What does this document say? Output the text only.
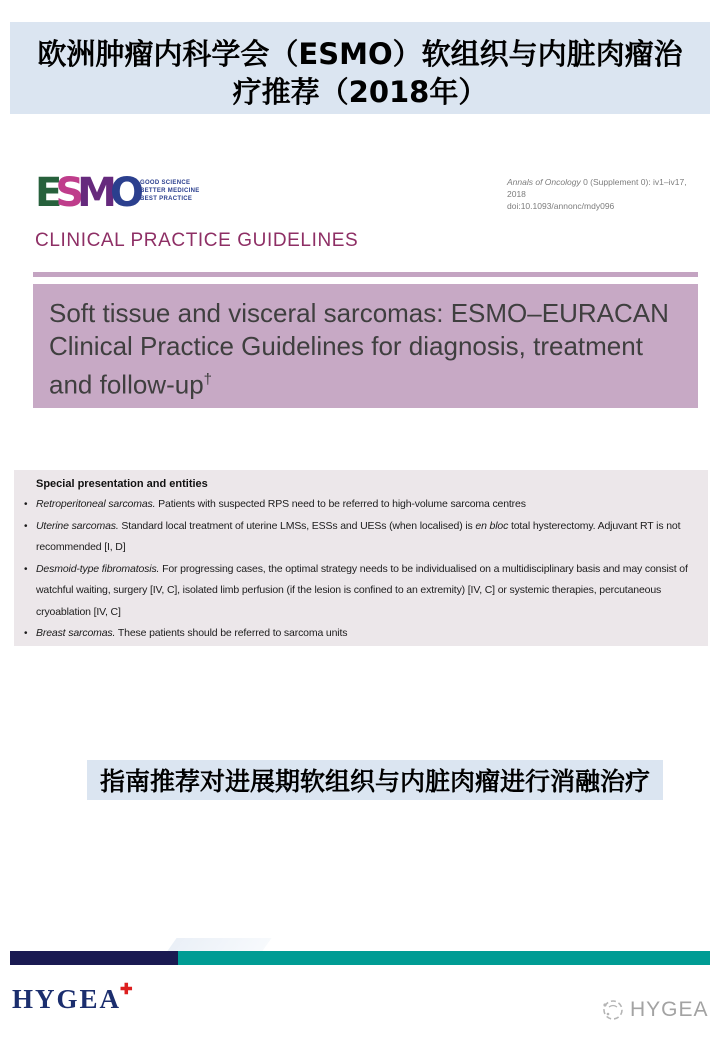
欧洲肿瘤内科学会（ESMO）软组织与内脏肉瘤治
疗推荐（2018年）
ESMO GOOD SCIENCE
BETTER MEDICINE
BEST PRACTICE
Annals of Oncology 0 (Supplement 0): iv1–iv17, 2018
doi:10.1093/annonc/mdy096
CLINICAL PRACTICE GUIDELINES
Soft tissue and visceral sarcomas: ESMO–EURACAN
Clinical Practice Guidelines for diagnosis, treatment
and follow-up†
Special presentation and entities
• Retroperitoneal sarcomas. Patients with suspected RPS need to be referred to high-volume sarcoma centres
• Uterine sarcomas. Standard local treatment of uterine LMSs, ESSs and UESs (when localised) is en bloc total hysterectomy. Adjuvant RT is not recommended [I, D]
• Desmoid-type fibromatosis. For progressing cases, the optimal strategy needs to be individualised on a multidisciplinary basis and may consist of watchful waiting, surgery [IV, C], isolated limb perfusion (if the lesion is confined to an extremity) [IV, C] or systemic therapies, percutaneous cryoablation [IV, C]
• Breast sarcomas. These patients should be referred to sarcoma units
指南推荐对进展期软组织与内脏肉瘤进行消融治疗
HYGEA✚
HYGEA
